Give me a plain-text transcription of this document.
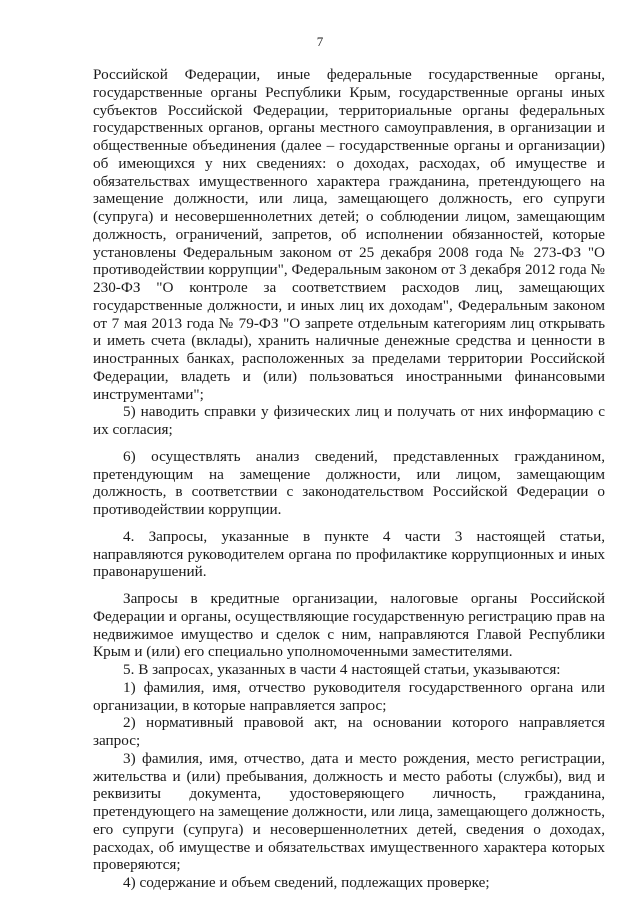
7

Российской Федерации, иные федеральные государственные органы, государственные органы Республики Крым, государственные органы иных субъектов Российской Федерации, территориальные органы федеральных государственных органов, органы местного самоуправления, в организации и общественные объединения (далее – государственные органы и организации) об имеющихся у них сведениях: о доходах, расходах, об имуществе и обязательствах имущественного характера гражданина, претендующего на замещение должности, или лица, замещающего должность, его супруги (супруга) и несовершеннолетних детей; о соблюдении лицом, замещающим должность, ограничений, запретов, об исполнении обязанностей, которые установлены Федеральным законом от 25 декабря 2008 года № 273-ФЗ "О противодействии коррупции", Федеральным законом от 3 декабря 2012 года № 230-ФЗ "О контроле за соответствием расходов лиц, замещающих государственные должности, и иных лиц их доходам", Федеральным законом от 7 мая 2013 года № 79-ФЗ "О запрете отдельным категориям лиц открывать и иметь счета (вклады), хранить наличные денежные средства и ценности в иностранных банках, расположенных за пределами территории Российской Федерации, владеть и (или) пользоваться иностранными финансовыми инструментами";

5) наводить справки у физических лиц и получать от них информацию с их согласия;

6) осуществлять анализ сведений, представленных гражданином, претендующим на замещение должности, или лицом, замещающим должность, в соответствии с законодательством Российской Федерации о противодействии коррупции.

4. Запросы, указанные в пункте 4 части 3 настоящей статьи, направляются руководителем органа по профилактике коррупционных и иных правонарушений.

Запросы в кредитные организации, налоговые органы Российской Федерации и органы, осуществляющие государственную регистрацию прав на недвижимое имущество и сделок с ним, направляются Главой Республики Крым и (или) его специально уполномоченными заместителями.

5. В запросах, указанных в части 4 настоящей статьи, указываются:

1) фамилия, имя, отчество руководителя государственного органа или организации, в которые направляется запрос;

2) нормативный правовой акт, на основании которого направляется запрос;

3) фамилия, имя, отчество, дата и место рождения, место регистрации, жительства и (или) пребывания, должность и место работы (службы), вид и реквизиты документа, удостоверяющего личность, гражданина, претендующего на замещение должности, или лица, замещающего должность, его супруги (супруга) и несовершеннолетних детей, сведения о доходах, расходах, об имуществе и обязательствах имущественного характера которых проверяются;

4) содержание и объем сведений, подлежащих проверке;
